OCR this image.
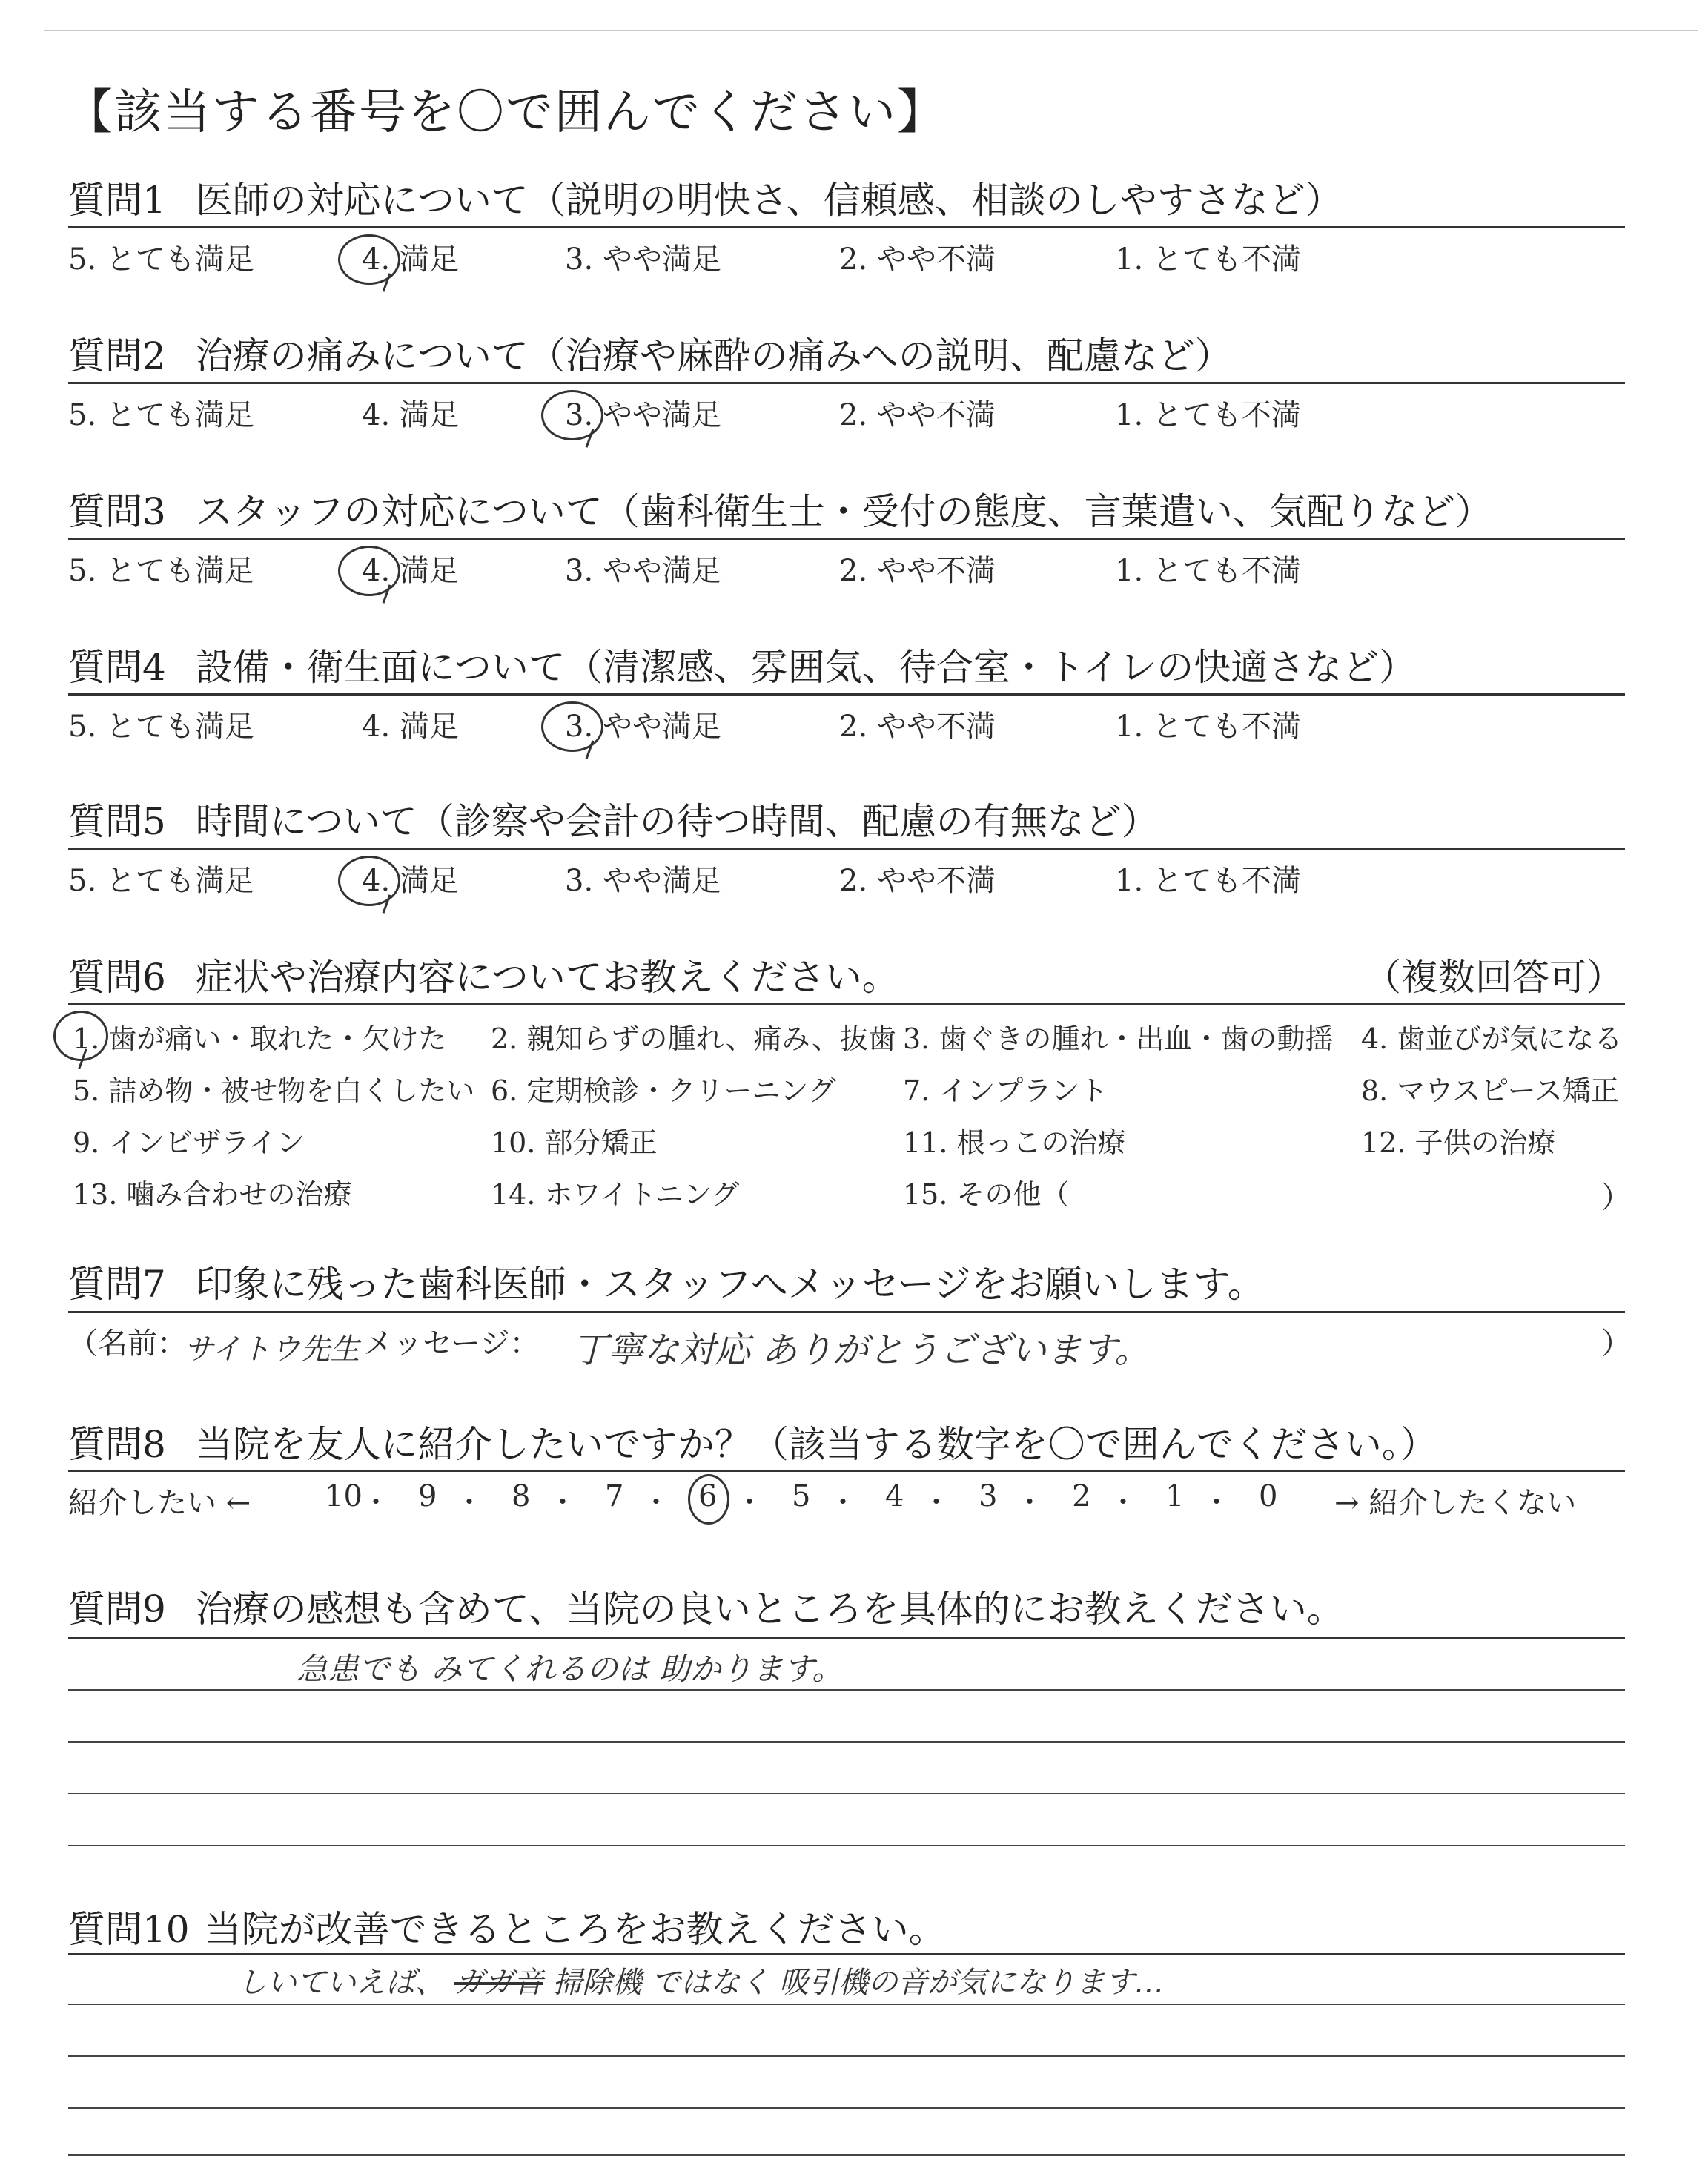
【該当する番号を〇で囲んでください】
質問1 医師の対応について（説明の明快さ、信頼感、相談のしやすさなど）
5. とても満足	4. 満足	3. やや満足	2. やや不満	1. とても不満
質問2 治療の痛みについて（治療や麻酔の痛みへの説明、配慮など）
5. とても満足	4. 満足	3. やや満足	2. やや不満	1. とても不満
質問3 スタッフの対応について（歯科衛生士・受付の態度、言葉遣い、気配りなど）
5. とても満足	4. 満足	3. やや満足	2. やや不満	1. とても不満
質問4 設備・衛生面について（清潔感、雰囲気、待合室・トイレの快適さなど）
5. とても満足	4. 満足	3. やや満足	2. やや不満	1. とても不満
質問5 時間について（診察や会計の待つ時間、配慮の有無など）
5. とても満足	4. 満足	3. やや満足	2. やや不満	1. とても不満
質問6 症状や治療内容についてお教えください。	（複数回答可）
1. 歯が痛い・取れた・欠けた 2. 親知らずの腫れ、痛み、抜歯 3. 歯ぐきの腫れ・出血・歯の動揺 4. 歯並びが気になる
5. 詰め物・被せ物を白くしたい 6. 定期検診・クリーニング 7. インプラント	8. マウスピース矯正
9. インビザライン	10. 部分矯正	11. 根っこの治療	12. 子供の治療
13. 噛み合わせの治療	14. ホワイトニング	15. その他（	）
質問7 印象に残った歯科医師・スタッフへメッセージをお願いします。
（名前：
サイトウ先生 メッセージ： 丁寧な対応 ありがとうございます。	）
質問8 当院を友人に紹介したいですか？（該当する数字を〇で囲んでください。）
紹介したい ← 10 ・ 9 ・ 8 ・ 7 ・ 6 ・ 5 ・ 4 ・ 3 ・ 2 ・ 1 ・ 0 → 紹介したくない
質問9 治療の感想も含めて、当院の良いところを具体的にお教えください。
急患でも みてくれるのは 助かります。
質問10 当院が改善できるところをお教えください。
しいていえば、 ガガ音 掃除機 ではなく 吸引機の音が気になります…
